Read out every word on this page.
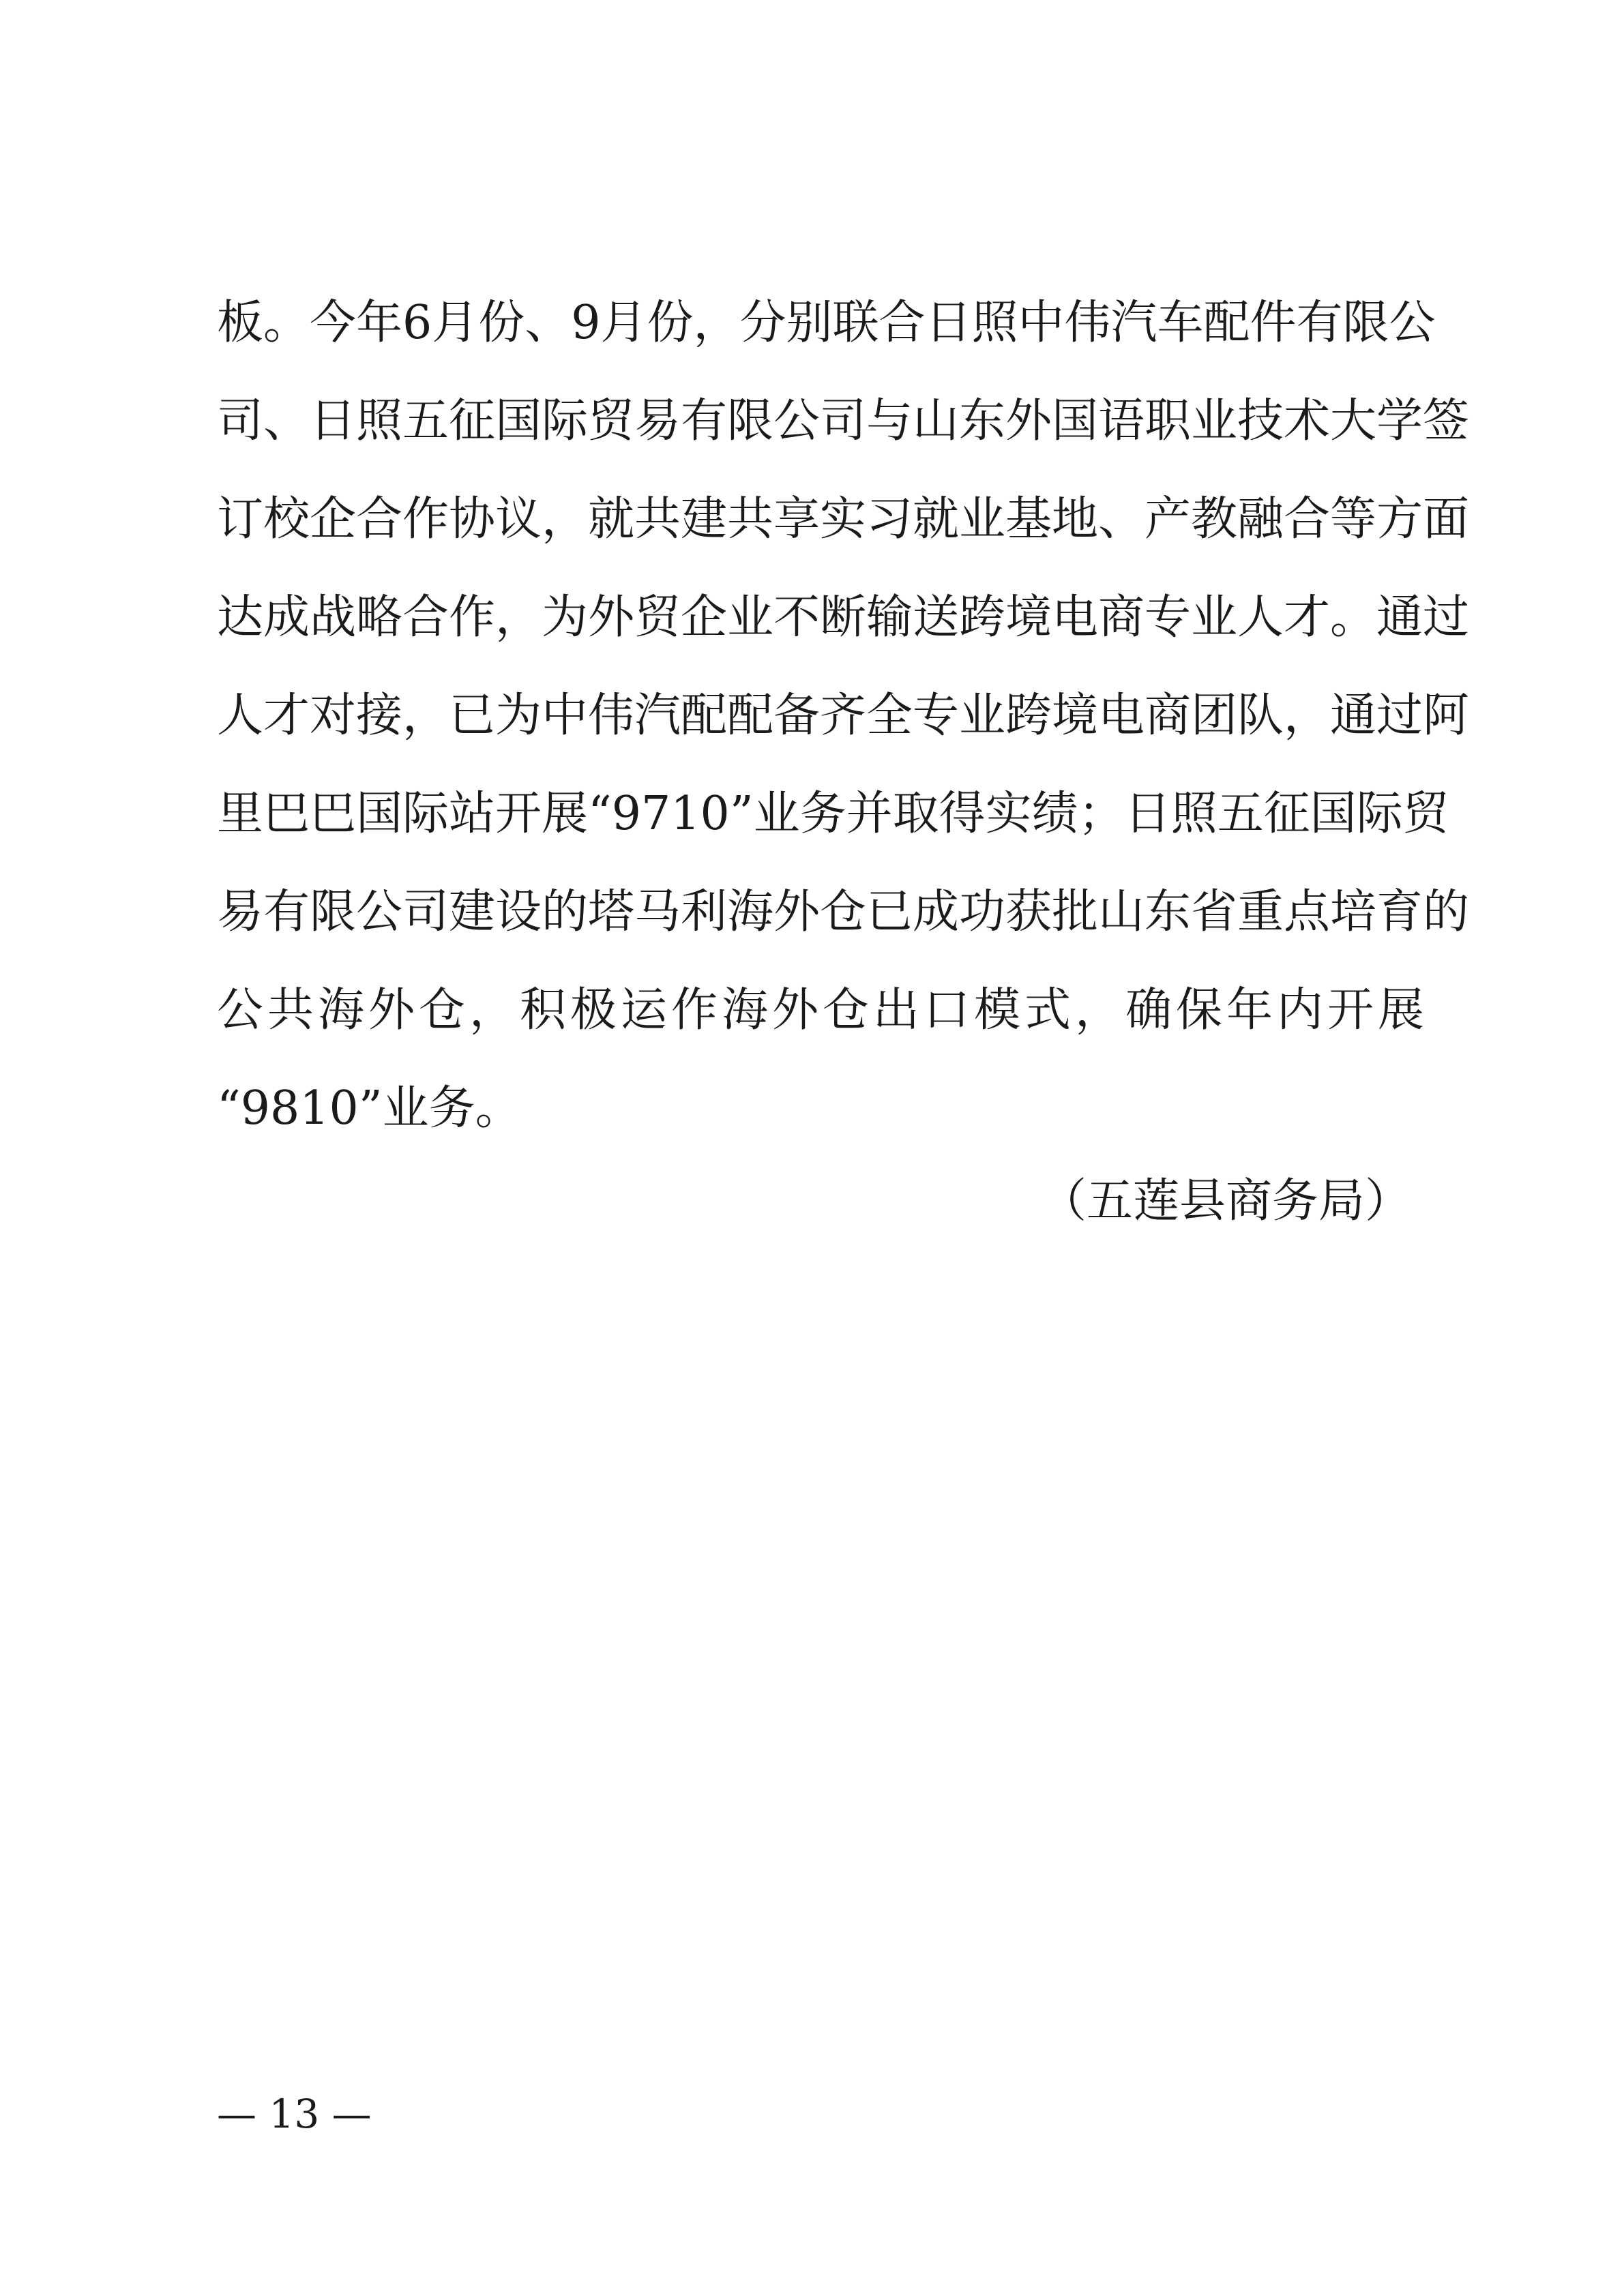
板。今年6月份、9月份，分别联合日照中伟汽车配件有限公
司、日照五征国际贸易有限公司与山东外国语职业技术大学签
订校企合作协议，就共建共享实习就业基地、产教融合等方面
达成战略合作，为外贸企业不断输送跨境电商专业人才。通过
人才对接，已为中伟汽配配备齐全专业跨境电商团队，通过阿
里巴巴国际站开展“9710”业务并取得实绩；日照五征国际贸
易有限公司建设的塔马利海外仓已成功获批山东省重点培育的
公共海外仓，积极运作海外仓出口模式，确保年内开展
“9810”业务。
（五莲县商务局）
— 13 —
